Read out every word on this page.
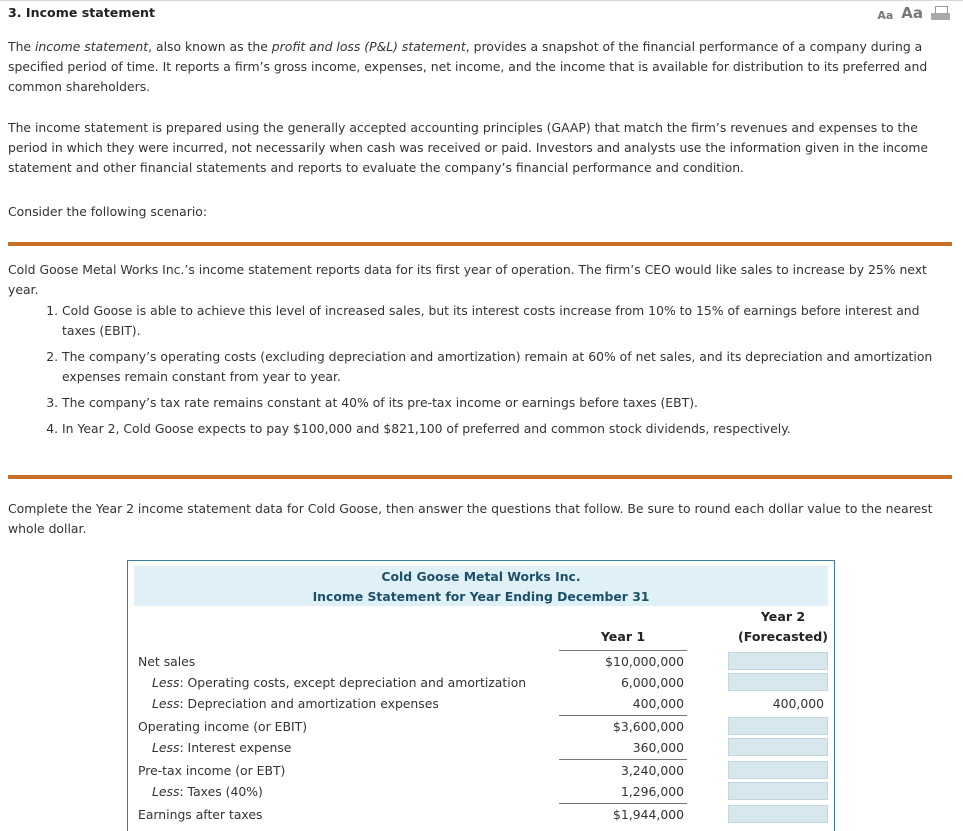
3. Income statement	Aa Aa

The income statement, also known as the profit and loss (P&L) statement, provides a snapshot of the financial performance of a company during a specified period of time. It reports a firm’s gross income, expenses, net income, and the income that is available for distribution to its preferred and common shareholders.

The income statement is prepared using the generally accepted accounting principles (GAAP) that match the firm’s revenues and expenses to the period in which they were incurred, not necessarily when cash was received or paid. Investors and analysts use the information given in the income statement and other financial statements and reports to evaluate the company’s financial performance and condition.

Consider the following scenario:

Cold Goose Metal Works Inc.’s income statement reports data for its first year of operation. The firm’s CEO would like sales to increase by 25% next year.

1. Cold Goose is able to achieve this level of increased sales, but its interest costs increase from 10% to 15% of earnings before interest and taxes (EBIT).
2. The company’s operating costs (excluding depreciation and amortization) remain at 60% of net sales, and its depreciation and amortization expenses remain constant from year to year.
3. The company’s tax rate remains constant at 40% of its pre-tax income or earnings before taxes (EBT).
4. In Year 2, Cold Goose expects to pay $100,000 and $821,100 of preferred and common stock dividends, respectively.

Complete the Year 2 income statement data for Cold Goose, then answer the questions that follow. Be sure to round each dollar value to the nearest whole dollar.

Cold Goose Metal Works Inc.
Income Statement for Year Ending December 31
Year 1
Year 2
(Forecasted)
Net sales	$10,000,000
Less: Operating costs, except depreciation and amortization	6,000,000
Less: Depreciation and amortization expenses	400,000	400,000
Operating income (or EBIT)	$3,600,000
Less: Interest expense	360,000
Pre-tax income (or EBT)	3,240,000
Less: Taxes (40%)	1,296,000
Earnings after taxes	$1,944,000
